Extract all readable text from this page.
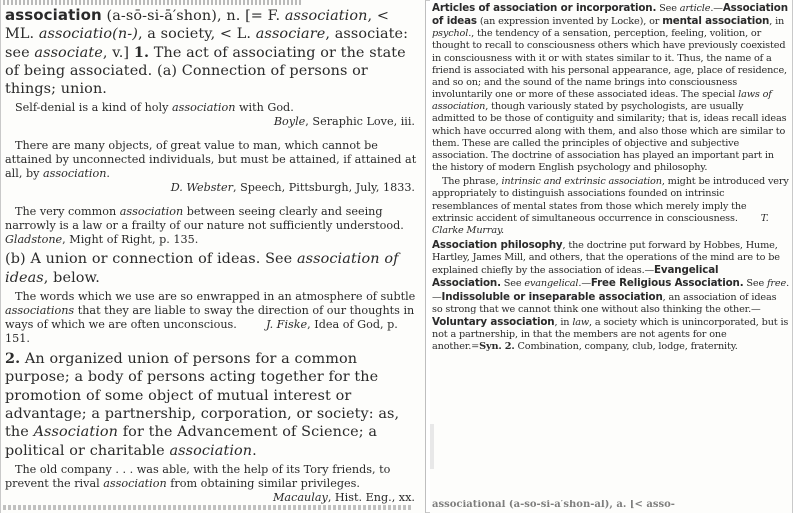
association (a-sō-si-ā′shon), n. [= F. association, < ML. associatio(n-), a society, < L. associare, associate: see associate, v.] 1. The act of associating or the state of being associated. (a) Connection of persons or things; union.

Self-denial is a kind of holy association with God.

Boyle, Seraphic Love, iii.

There are many objects, of great value to man, which cannot be attained by unconnected individuals, but must be attained, if attained at all, by association.

D. Webster, Speech, Pittsburgh, July, 1833.

The very common association between seeing clearly and seeing narrowly is a law or a frailty of our nature not sufficiently understood. Gladstone, Might of Right, p. 135.

(b) A union or connection of ideas. See association of ideas, below.

The words which we use are so enwrapped in an atmosphere of subtle associations that they are liable to sway the direction of our thoughts in ways of which we are often unconscious.	J. Fiske, Idea of God, p. 151.

2. An organized union of persons for a common purpose; a body of persons acting together for the promotion of some object of mutual interest or advantage; a partnership, corporation, or society: as, the Association for the Advancement of Science; a political or charitable association.

The old company . . . was able, with the help of its Tory friends, to prevent the rival association from obtaining similar privileges.

Macaulay, Hist. Eng., xx.

Articles of association or incorporation. See article.—Association of ideas (an expression invented by Locke), or mental association, in psychol., the tendency of a sensation, perception, feeling, volition, or thought to recall to consciousness others which have previously coexisted in consciousness with it or with states similar to it. Thus, the name of a friend is associated with his personal appearance, age, place of residence, and so on; and the sound of the name brings into consciousness involuntarily one or more of these associated ideas. The special laws of association, though variously stated by psychologists, are usually admitted to be those of contiguity and similarity; that is, ideas recall ideas which have occurred along with them, and also those which are similar to them. These are called the principles of objective and subjective association. The doctrine of association has played an important part in the history of modern English psychology and philosophy.

The phrase, intrinsic and extrinsic association, might be introduced very appropriately to distinguish associations founded on intrinsic resemblances of mental states from those which merely imply the extrinsic accident of simultaneous occurrence in consciousness. T. Clarke Murray.

Association philosophy, the doctrine put forward by Hobbes, Hume, Hartley, James Mill, and others, that the operations of the mind are to be explained chiefly by the association of ideas.—Evangelical Association. See evangelical.—Free Religious Association. See free.—Indissoluble or inseparable association, an association of ideas so strong that we cannot think one without also thinking the other.—Voluntary association, in law, a society which is unincorporated, but is not a partnership, in that the members are not agents for one another.=Syn. 2. Combination, company, club, lodge, fraternity.

associational (a-sō-si-ā′shon-al), a. [< asso-
